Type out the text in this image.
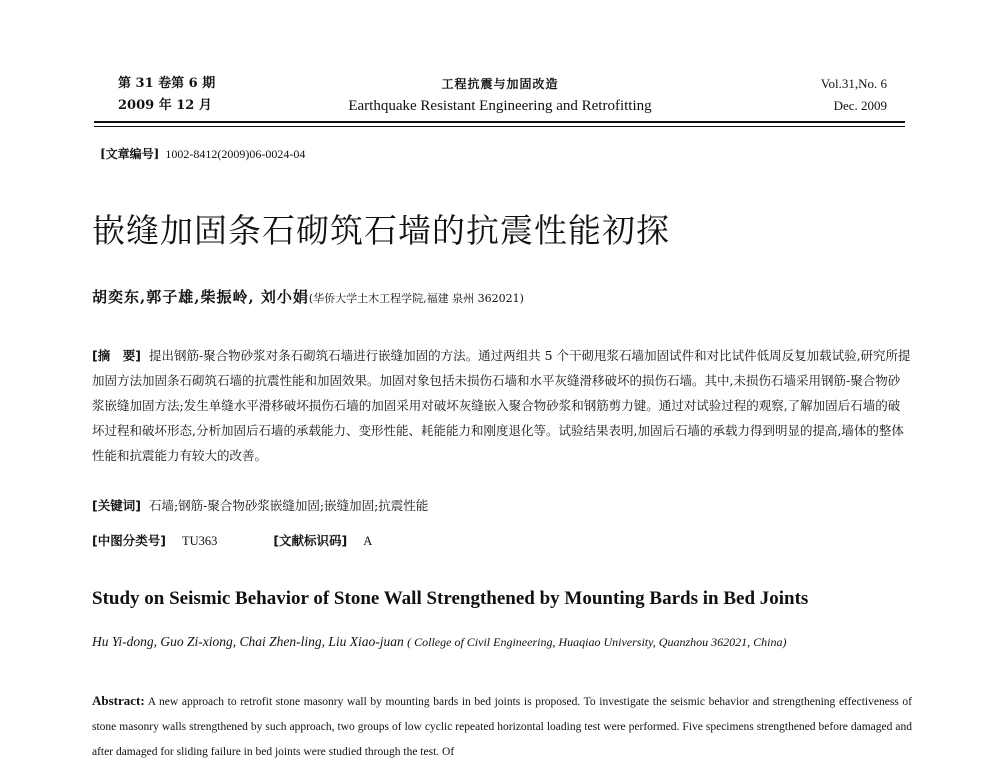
第 31 卷第 6 期
2009 年 12 月
工程抗震与加固改造
Earthquake Resistant Engineering and Retrofitting
Vol.31,No. 6
Dec. 2009
[文章编号] 1002-8412(2009)06-0024-04
嵌缝加固条石砌筑石墙的抗震性能初探
胡奕东,郭子雄,柴振岭, 刘小娟(华侨大学土木工程学院,福建 泉州 362021)
[摘　要] 提出钢筋-聚合物砂浆对条石砌筑石墙进行嵌缝加固的方法。通过两组共 5 个干砌甩浆石墙加固试件和对比试件低周反复加载试验,研究所提加固方法加固条石砌筑石墙的抗震性能和加固效果。加固对象包括未损伤石墙和水平灰缝滑移破坏的损伤石墙。其中,未损伤石墙采用钢筋-聚合物砂浆嵌缝加固方法;发生单缝水平滑移破坏损伤石墙的加固采用对破坏灰缝嵌入聚合物砂浆和钢筋剪力键。通过对试验过程的观察,了解加固后石墙的破坏过程和破坏形态,分析加固后石墙的承载能力、变形性能、耗能能力和刚度退化等。试验结果表明,加固后石墙的承载力得到明显的提高,墙体的整体性能和抗震能力有较大的改善。
[关键词] 石墙;钢筋-聚合物砂浆嵌缝加固;嵌缝加固;抗震性能
[中图分类号] TU363	[文献标识码] A
Study on Seismic Behavior of Stone Wall Strengthened by Mounting Bards in Bed Joints
Hu Yi-dong, Guo Zi-xiong, Chai Zhen-ling, Liu Xiao-juan ( College of Civil Engineering, Huaqiao University, Quanzhou 362021, China)
Abstract: A new approach to retrofit stone masonry wall by mounting bards in bed joints is proposed. To investigate the seismic behavior and strengthening effectiveness of stone masonry walls strengthened by such approach, two groups of low cyclic repeated horizontal loading test were performed. Five specimens strengthened before damaged and after damaged for sliding failure in bed joints were studied through the test. Of
